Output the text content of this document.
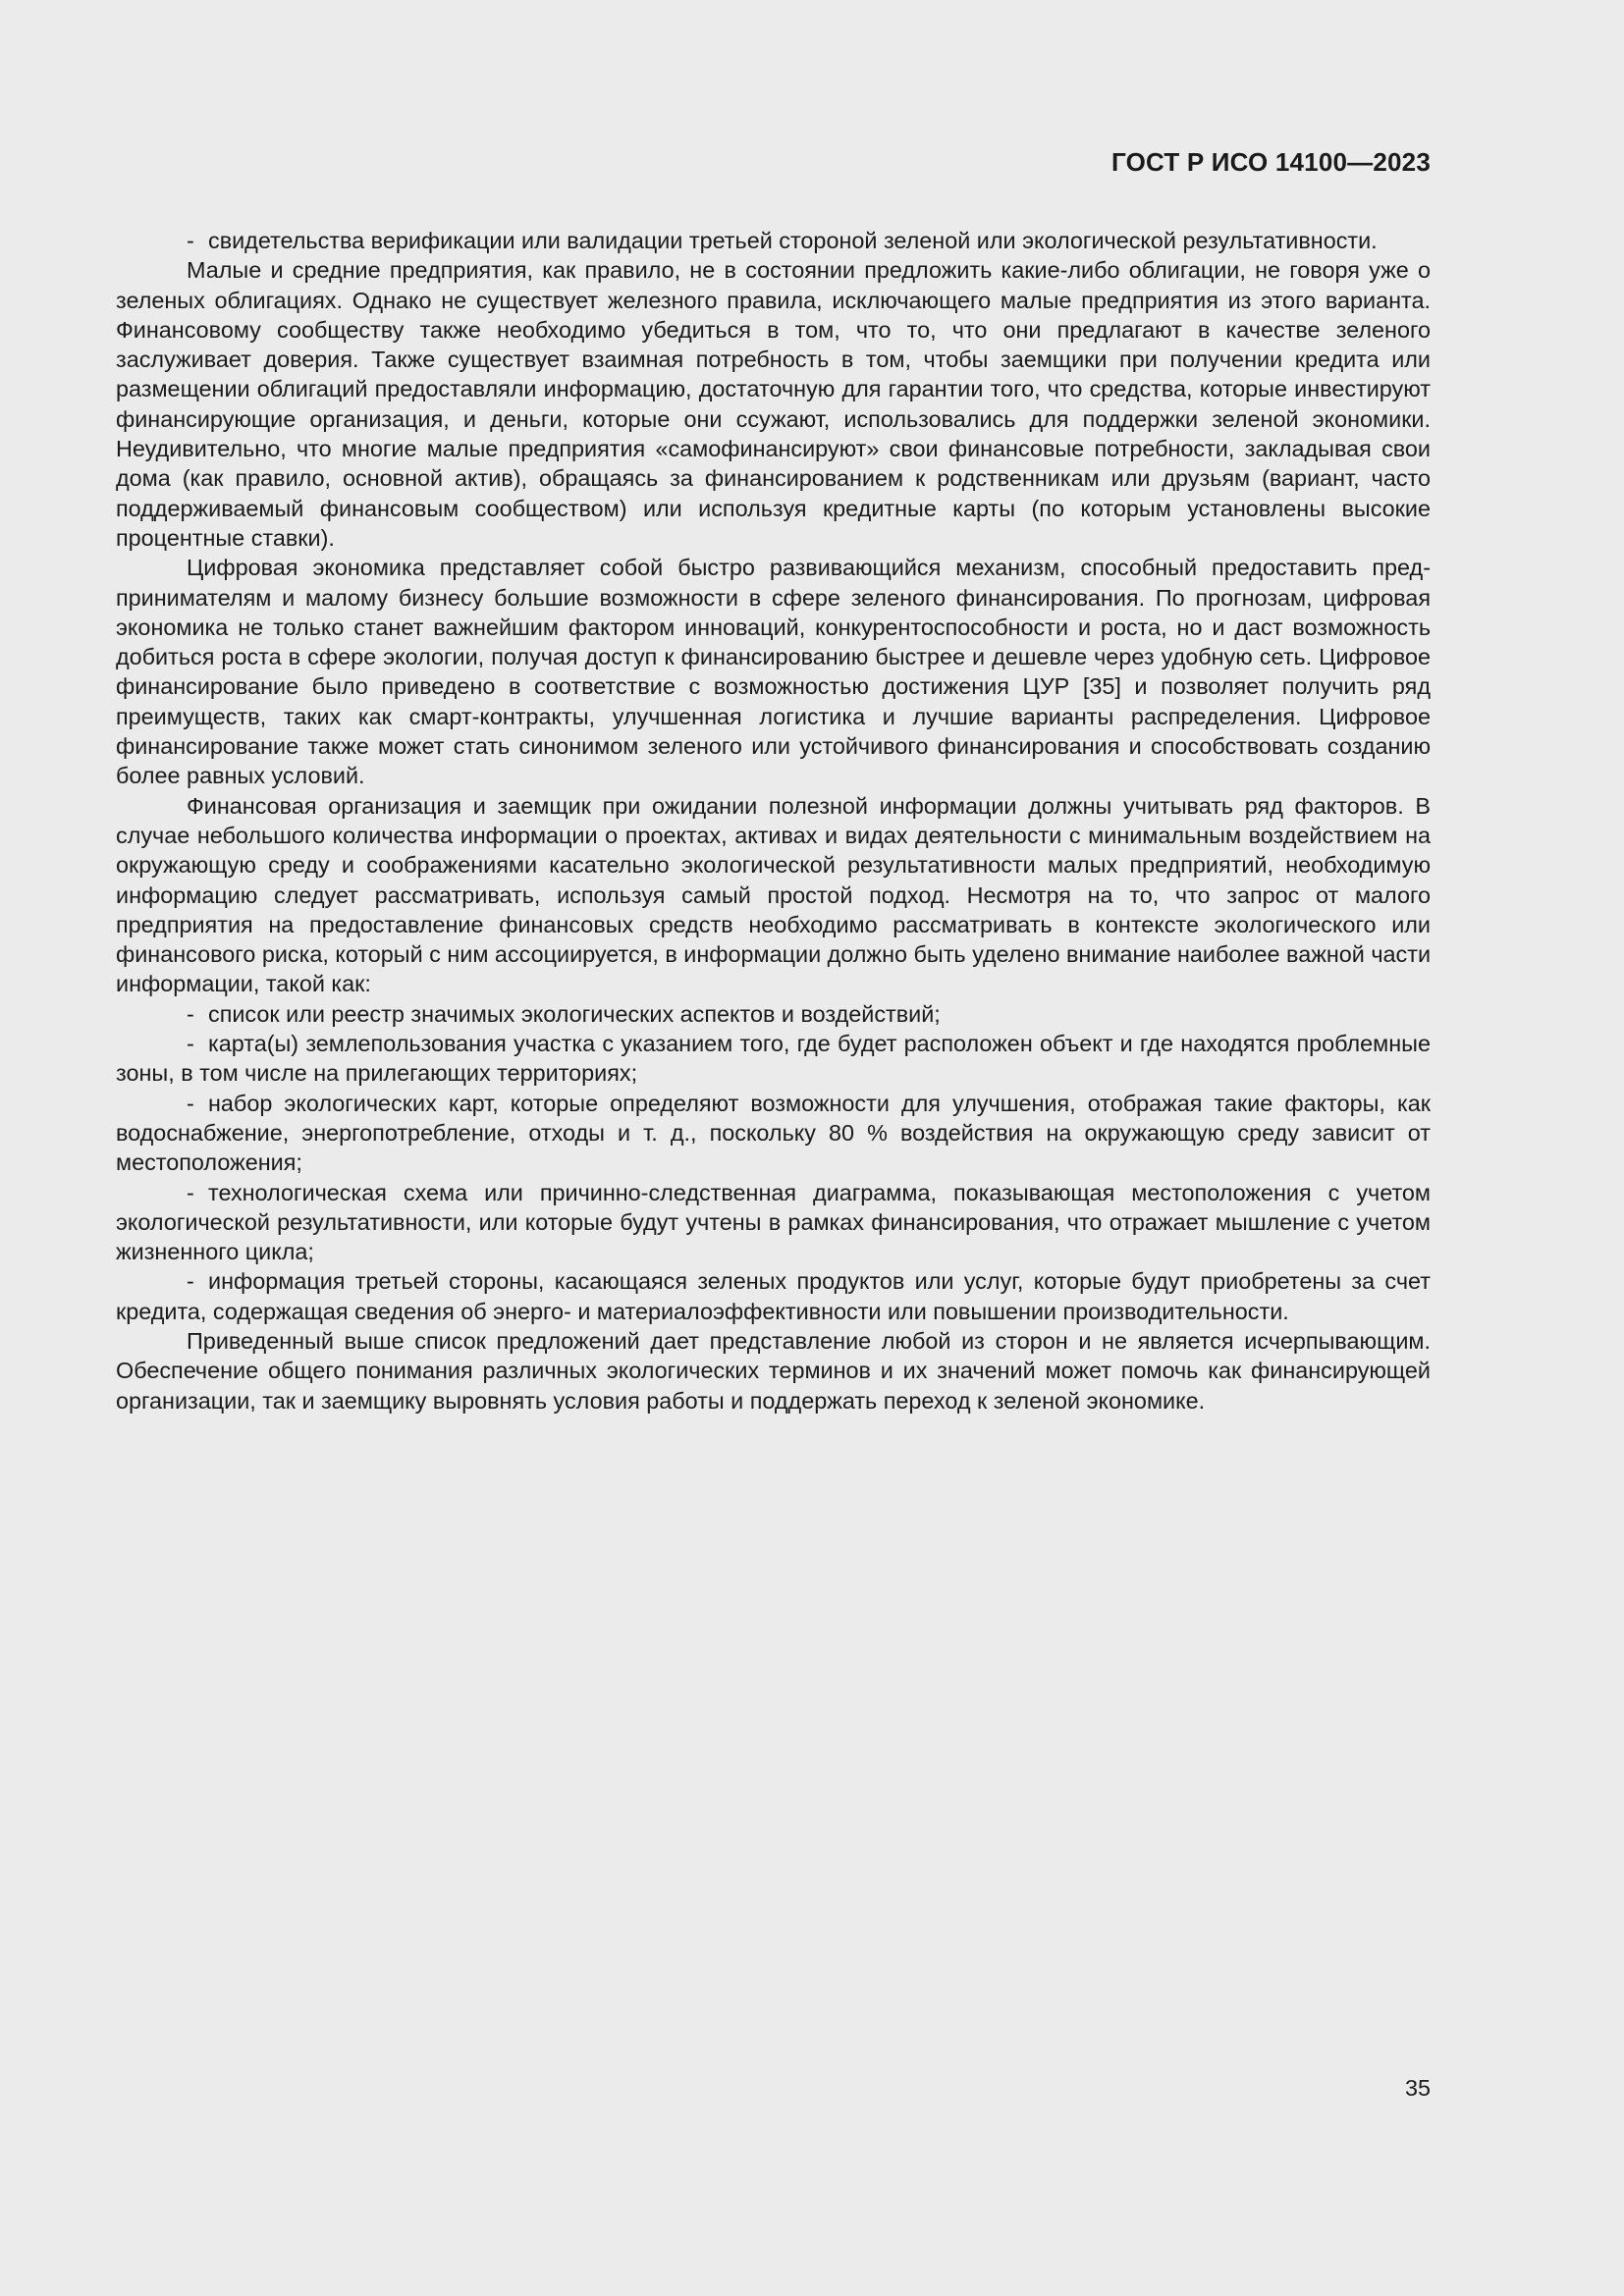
ГОСТ Р ИСО 14100—2023

- свидетельства верификации или валидации третьей стороной зеленой или экологической результативности.

Малые и средние предприятия, как правило, не в состоянии предложить какие-либо облигации, не говоря уже о зеленых облигациях. Однако не существует железного правила, исключающего малые предприятия из этого варианта. Финансовому сообществу также необходимо убедиться в том, что то, что они предлагают в качестве зеленого заслуживает доверия. Также существует взаимная потребность в том, чтобы заемщики при получении кредита или размещении облигаций предоставляли информацию, достаточную для гарантии того, что средства, которые инвестируют финансирующие организация, и деньги, которые они ссужают, использовались для поддержки зеленой экономики. Неудивительно, что многие малые предприятия «самофинансируют» свои финансовые потребности, закладывая свои дома (как правило, основной актив), обращаясь за финансированием к родственникам или друзьям (вариант, часто поддерживаемый финансовым сообществом) или используя кредитные карты (по которым установлены высокие процентные ставки).

Цифровая экономика представляет собой быстро развивающийся механизм, способный предоставить предпринимателям и малому бизнесу большие возможности в сфере зеленого финансирования. По прогнозам, цифровая экономика не только станет важнейшим фактором инноваций, конкурентоспособности и роста, но и даст возможность добиться роста в сфере экологии, получая доступ к финансированию быстрее и дешевле через удобную сеть. Цифровое финансирование было приведено в соответствие с возможностью достижения ЦУР [35] и позволяет получить ряд преимуществ, таких как смарт-контракты, улучшенная логистика и лучшие варианты распределения. Цифровое финансирование также может стать синонимом зеленого или устойчивого финансирования и способствовать созданию более равных условий.

Финансовая организация и заемщик при ожидании полезной информации должны учитывать ряд факторов. В случае небольшого количества информации о проектах, активах и видах деятельности с минимальным воздействием на окружающую среду и соображениями касательно экологической результативности малых предприятий, необходимую информацию следует рассматривать, используя самый простой подход. Несмотря на то, что запрос от малого предприятия на предоставление финансовых средств необходимо рассматривать в контексте экологического или финансового риска, который с ним ассоциируется, в информации должно быть уделено внимание наиболее важной части информации, такой как:

- список или реестр значимых экологических аспектов и воздействий;

- карта(ы) землепользования участка с указанием того, где будет расположен объект и где находятся проблемные зоны, в том числе на прилегающих территориях;

- набор экологических карт, которые определяют возможности для улучшения, отображая такие факторы, как водоснабжение, энергопотребление, отходы и т. д., поскольку 80 % воздействия на окружающую среду зависит от местоположения;

- технологическая схема или причинно-следственная диаграмма, показывающая местоположения с учетом экологической результативности, или которые будут учтены в рамках финансирования, что отражает мышление с учетом жизненного цикла;

- информация третьей стороны, касающаяся зеленых продуктов или услуг, которые будут приобретены за счет кредита, содержащая сведения об энерго- и материалоэффективности или повышении производительности.

Приведенный выше список предложений дает представление любой из сторон и не является исчерпывающим. Обеспечение общего понимания различных экологических терминов и их значений может помочь как финансирующей организации, так и заемщику выровнять условия работы и поддержать переход к зеленой экономике.

35
